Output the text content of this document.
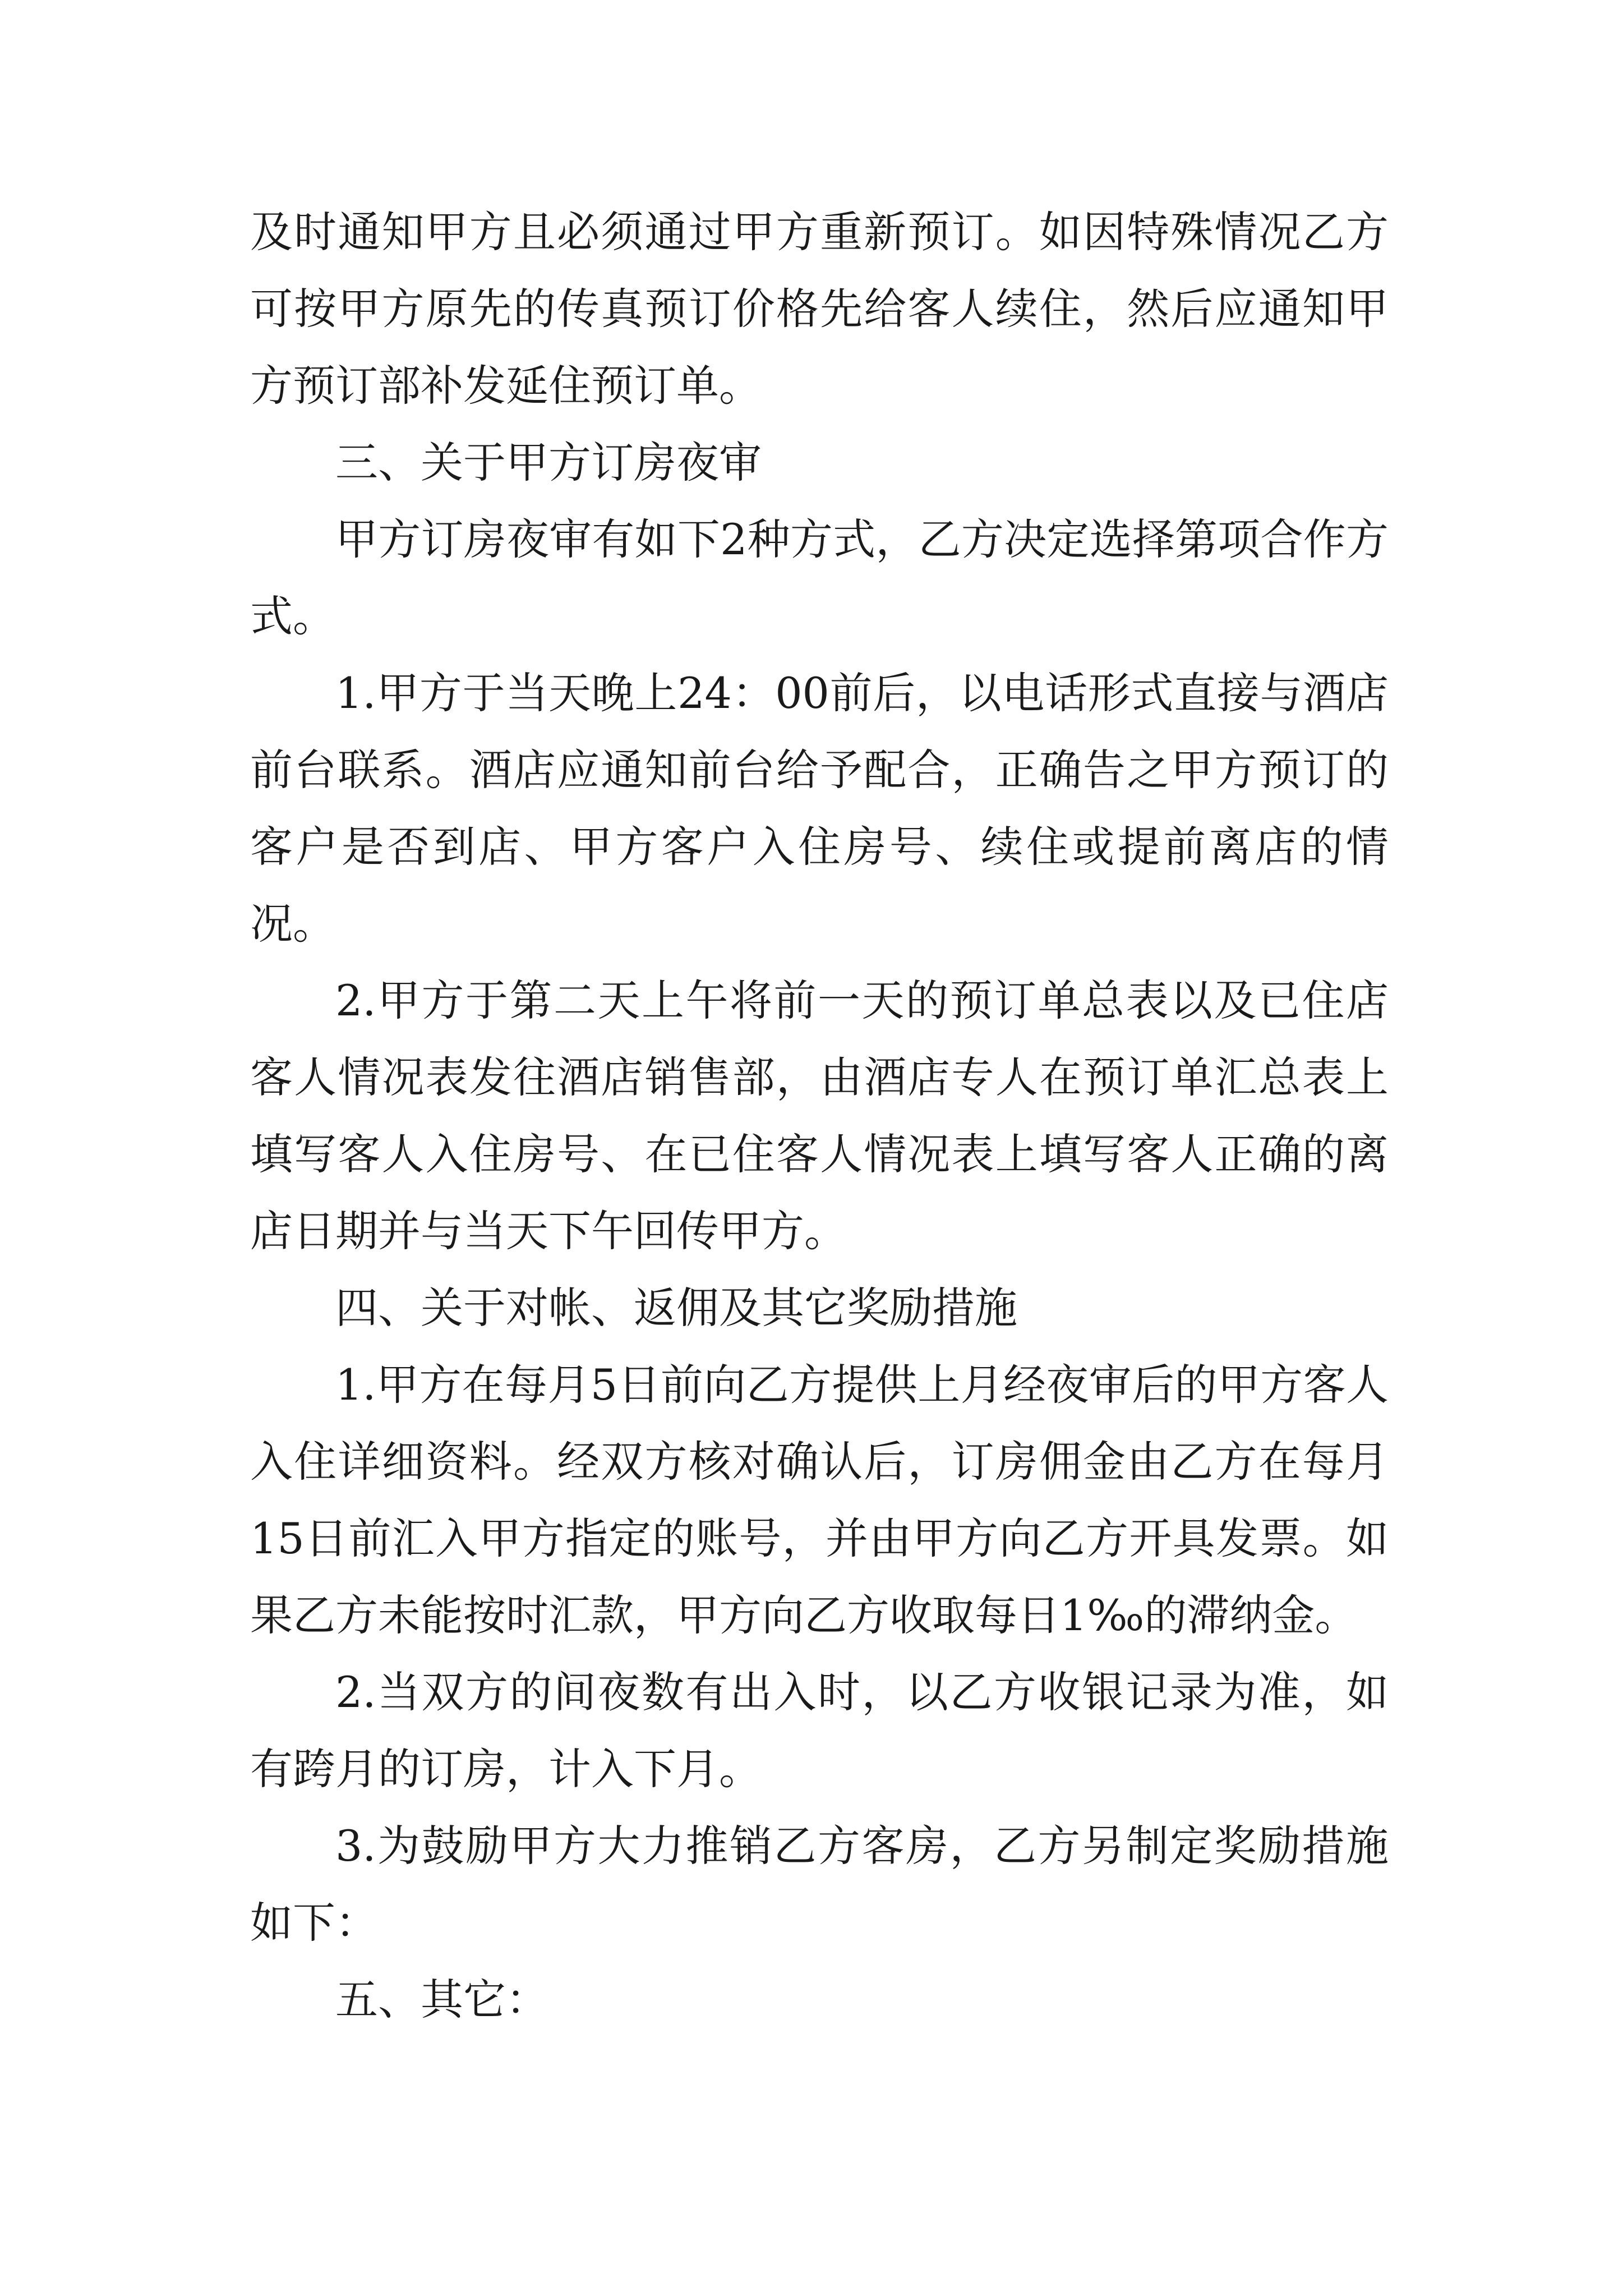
及时通知甲方且必须通过甲方重新预订。如因特殊情况乙方可按甲方原先的传真预订价格先给客人续住，然后应通知甲方预订部补发延住预订单。

三、关于甲方订房夜审

甲方订房夜审有如下2种方式，乙方决定选择第项合作方式。

1.甲方于当天晚上24：00前后，以电话形式直接与酒店前台联系。酒店应通知前台给予配合，正确告之甲方预订的客户是否到店、甲方客户入住房号、续住或提前离店的情况。

2.甲方于第二天上午将前一天的预订单总表以及已住店客人情况表发往酒店销售部，由酒店专人在预订单汇总表上填写客人入住房号、在已住客人情况表上填写客人正确的离店日期并与当天下午回传甲方。

四、关于对帐、返佣及其它奖励措施

1.甲方在每月5日前向乙方提供上月经夜审后的甲方客人入住详细资料。经双方核对确认后，订房佣金由乙方在每月15日前汇入甲方指定的账号，并由甲方向乙方开具发票。如果乙方未能按时汇款，甲方向乙方收取每日1‰的滞纳金。

2.当双方的间夜数有出入时，以乙方收银记录为准，如有跨月的订房，计入下月。

3.为鼓励甲方大力推销乙方客房，乙方另制定奖励措施如下：

五、其它：
